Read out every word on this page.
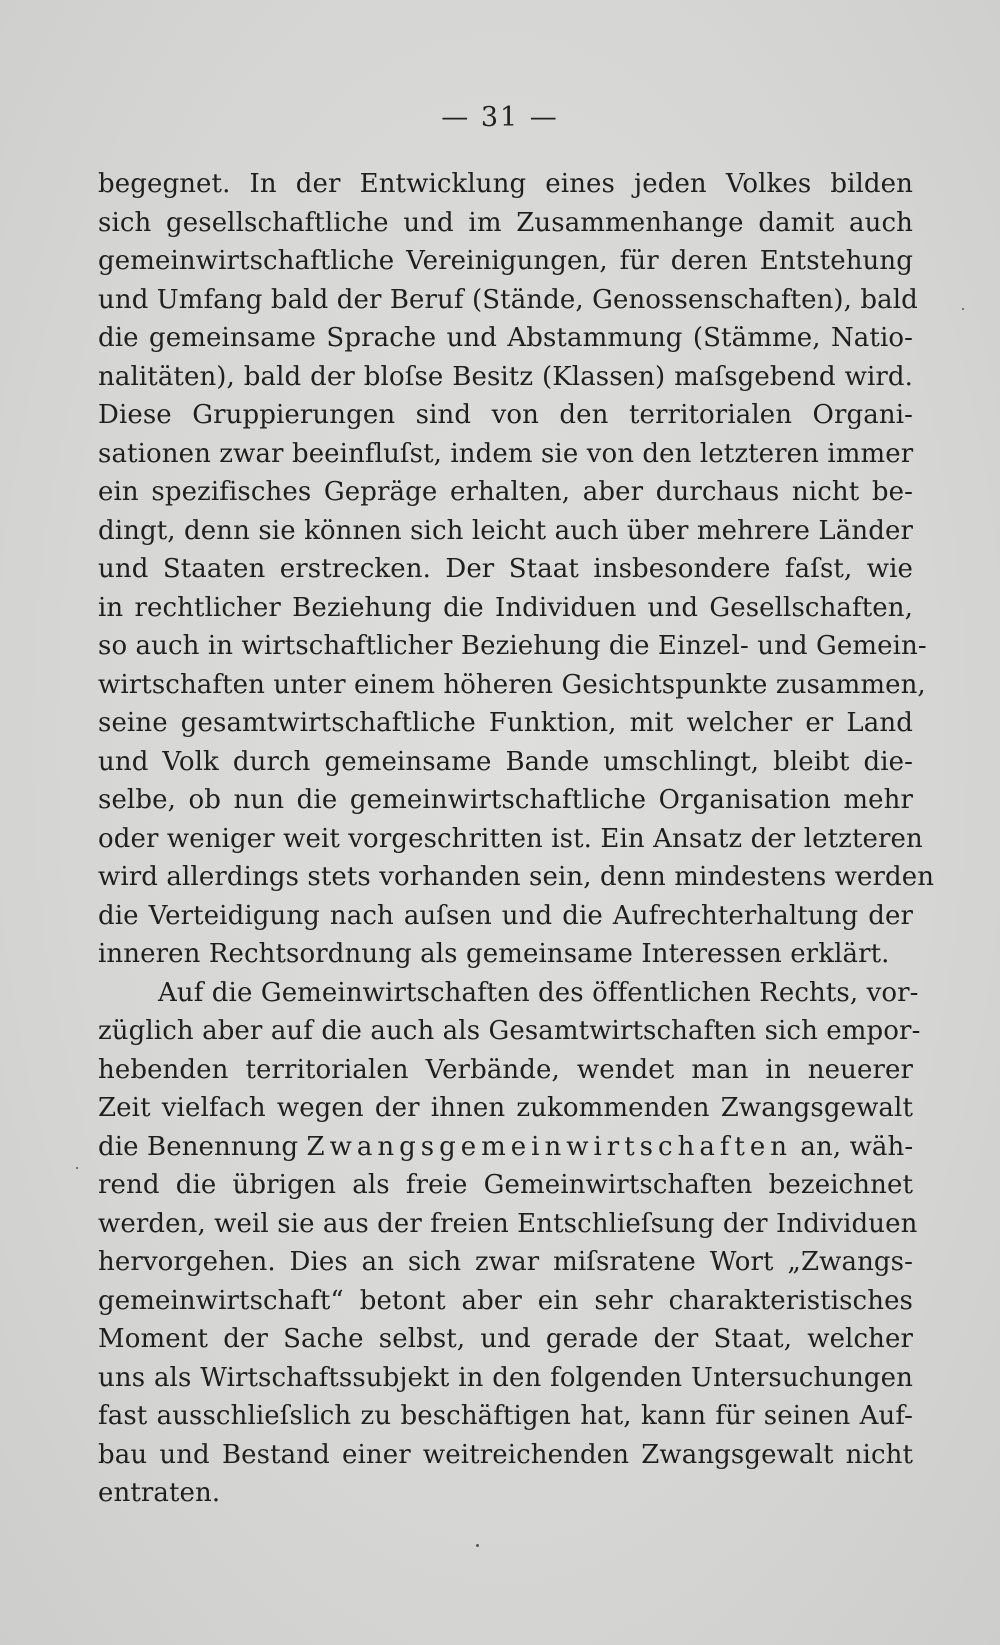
— 31 —
begegnet. In der Entwicklung eines jeden Volkes bilden
sich gesellschaftliche und im Zusammenhange damit auch
gemeinwirtschaftliche Vereinigungen, für deren Entstehung
und Umfang bald der Beruf (Stände, Genossenschaften), bald
die gemeinsame Sprache und Abstammung (Stämme, Natio-
nalitäten), bald der bloſse Besitz (Klassen) maſsgebend wird.
Diese Gruppierungen sind von den territorialen Organi-
sationen zwar beeinfluſst, indem sie von den letzteren immer
ein spezifisches Gepräge erhalten, aber durchaus nicht be-
dingt, denn sie können sich leicht auch über mehrere Länder
und Staaten erstrecken. Der Staat insbesondere faſst, wie
in rechtlicher Beziehung die Individuen und Gesellschaften,
so auch in wirtschaftlicher Beziehung die Einzel- und Gemein-
wirtschaften unter einem höheren Gesichtspunkte zusammen,
seine gesamtwirtschaftliche Funktion, mit welcher er Land
und Volk durch gemeinsame Bande umschlingt, bleibt die-
selbe, ob nun die gemeinwirtschaftliche Organisation mehr
oder weniger weit vorgeschritten ist. Ein Ansatz der letzteren
wird allerdings stets vorhanden sein, denn mindestens werden
die Verteidigung nach auſsen und die Aufrechterhaltung der
inneren Rechtsordnung als gemeinsame Interessen erklärt.
Auf die Gemeinwirtschaften des öffentlichen Rechts, vor-
züglich aber auf die auch als Gesamtwirtschaften sich empor-
hebenden territorialen Verbände, wendet man in neuerer
Zeit vielfach wegen der ihnen zukommenden Zwangsgewalt
die Benennung Zwangsgemeinwirtschaften an, wäh-
rend die übrigen als freie Gemeinwirtschaften bezeichnet
werden, weil sie aus der freien Entschlieſsung der Individuen
hervorgehen. Dies an sich zwar miſsratene Wort „Zwangs-
gemeinwirtschaft“ betont aber ein sehr charakteristisches
Moment der Sache selbst, und gerade der Staat, welcher
uns als Wirtschaftssubjekt in den folgenden Untersuchungen
fast ausschlieſslich zu beschäftigen hat, kann für seinen Auf-
bau und Bestand einer weitreichenden Zwangsgewalt nicht
entraten.
